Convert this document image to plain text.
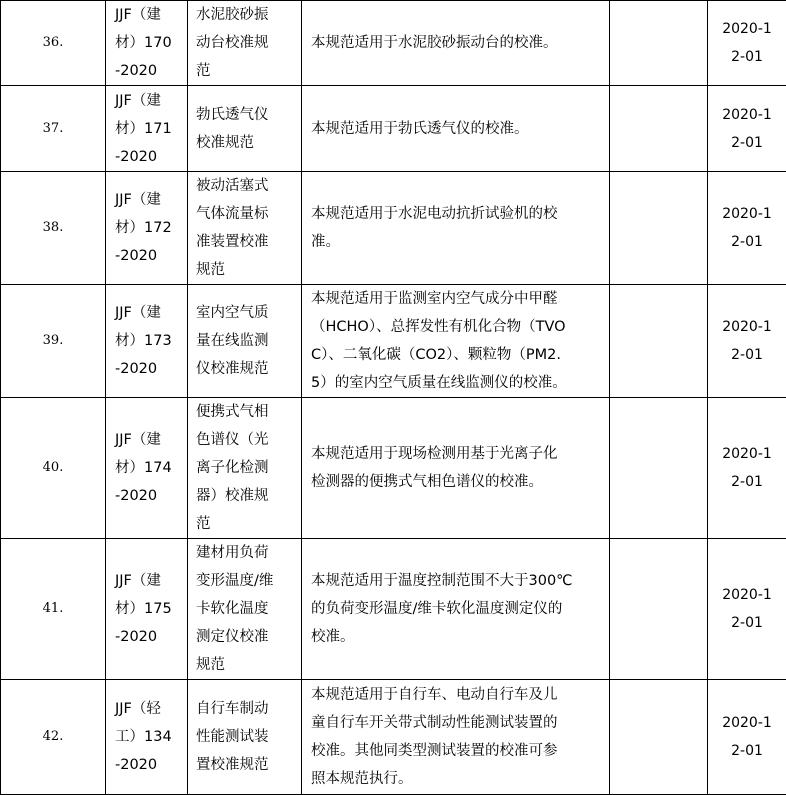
36.	JJF（建
材）170
-2020	水泥胶砂振
动台校准规
范	本规范适用于水泥胶砂振动台的校准。		2020-1
2-01

37.	JJF（建
材）171
-2020	勃氏透气仪
校准规范	本规范适用于勃氏透气仪的校准。		2020-1
2-01

38.	JJF（建
材）172
-2020	被动活塞式
气体流量标
准装置校准
规范	本规范适用于水泥电动抗折试验机的校
准。		2020-1
2-01

39.	JJF（建
材）173
-2020	室内空气质
量在线监测
仪校准规范	本规范适用于监测室内空气成分中甲醛
（HCHO）、总挥发性有机化合物（TVO
C）、二氧化碳（CO2）、颗粒物（PM2.
5）的室内空气质量在线监测仪的校准。		2020-1
2-01

40.	JJF（建
材）174
-2020	便携式气相
色谱仪（光
离子化检测
器）校准规
范	本规范适用于现场检测用基于光离子化
检测器的便携式气相色谱仪的校准。		2020-1
2-01

41.	JJF（建
材）175
-2020	建材用负荷
变形温度/维
卡软化温度
测定仪校准
规范	本规范适用于温度控制范围不大于300℃
的负荷变形温度/维卡软化温度测定仪的
校准。		2020-1
2-01

42.	JJF（轻
工）134
-2020	自行车制动
性能测试装
置校准规范	本规范适用于自行车、电动自行车及儿
童自行车开关带式制动性能测试装置的
校准。其他同类型测试装置的校准可参
照本规范执行。		2020-1
2-01
